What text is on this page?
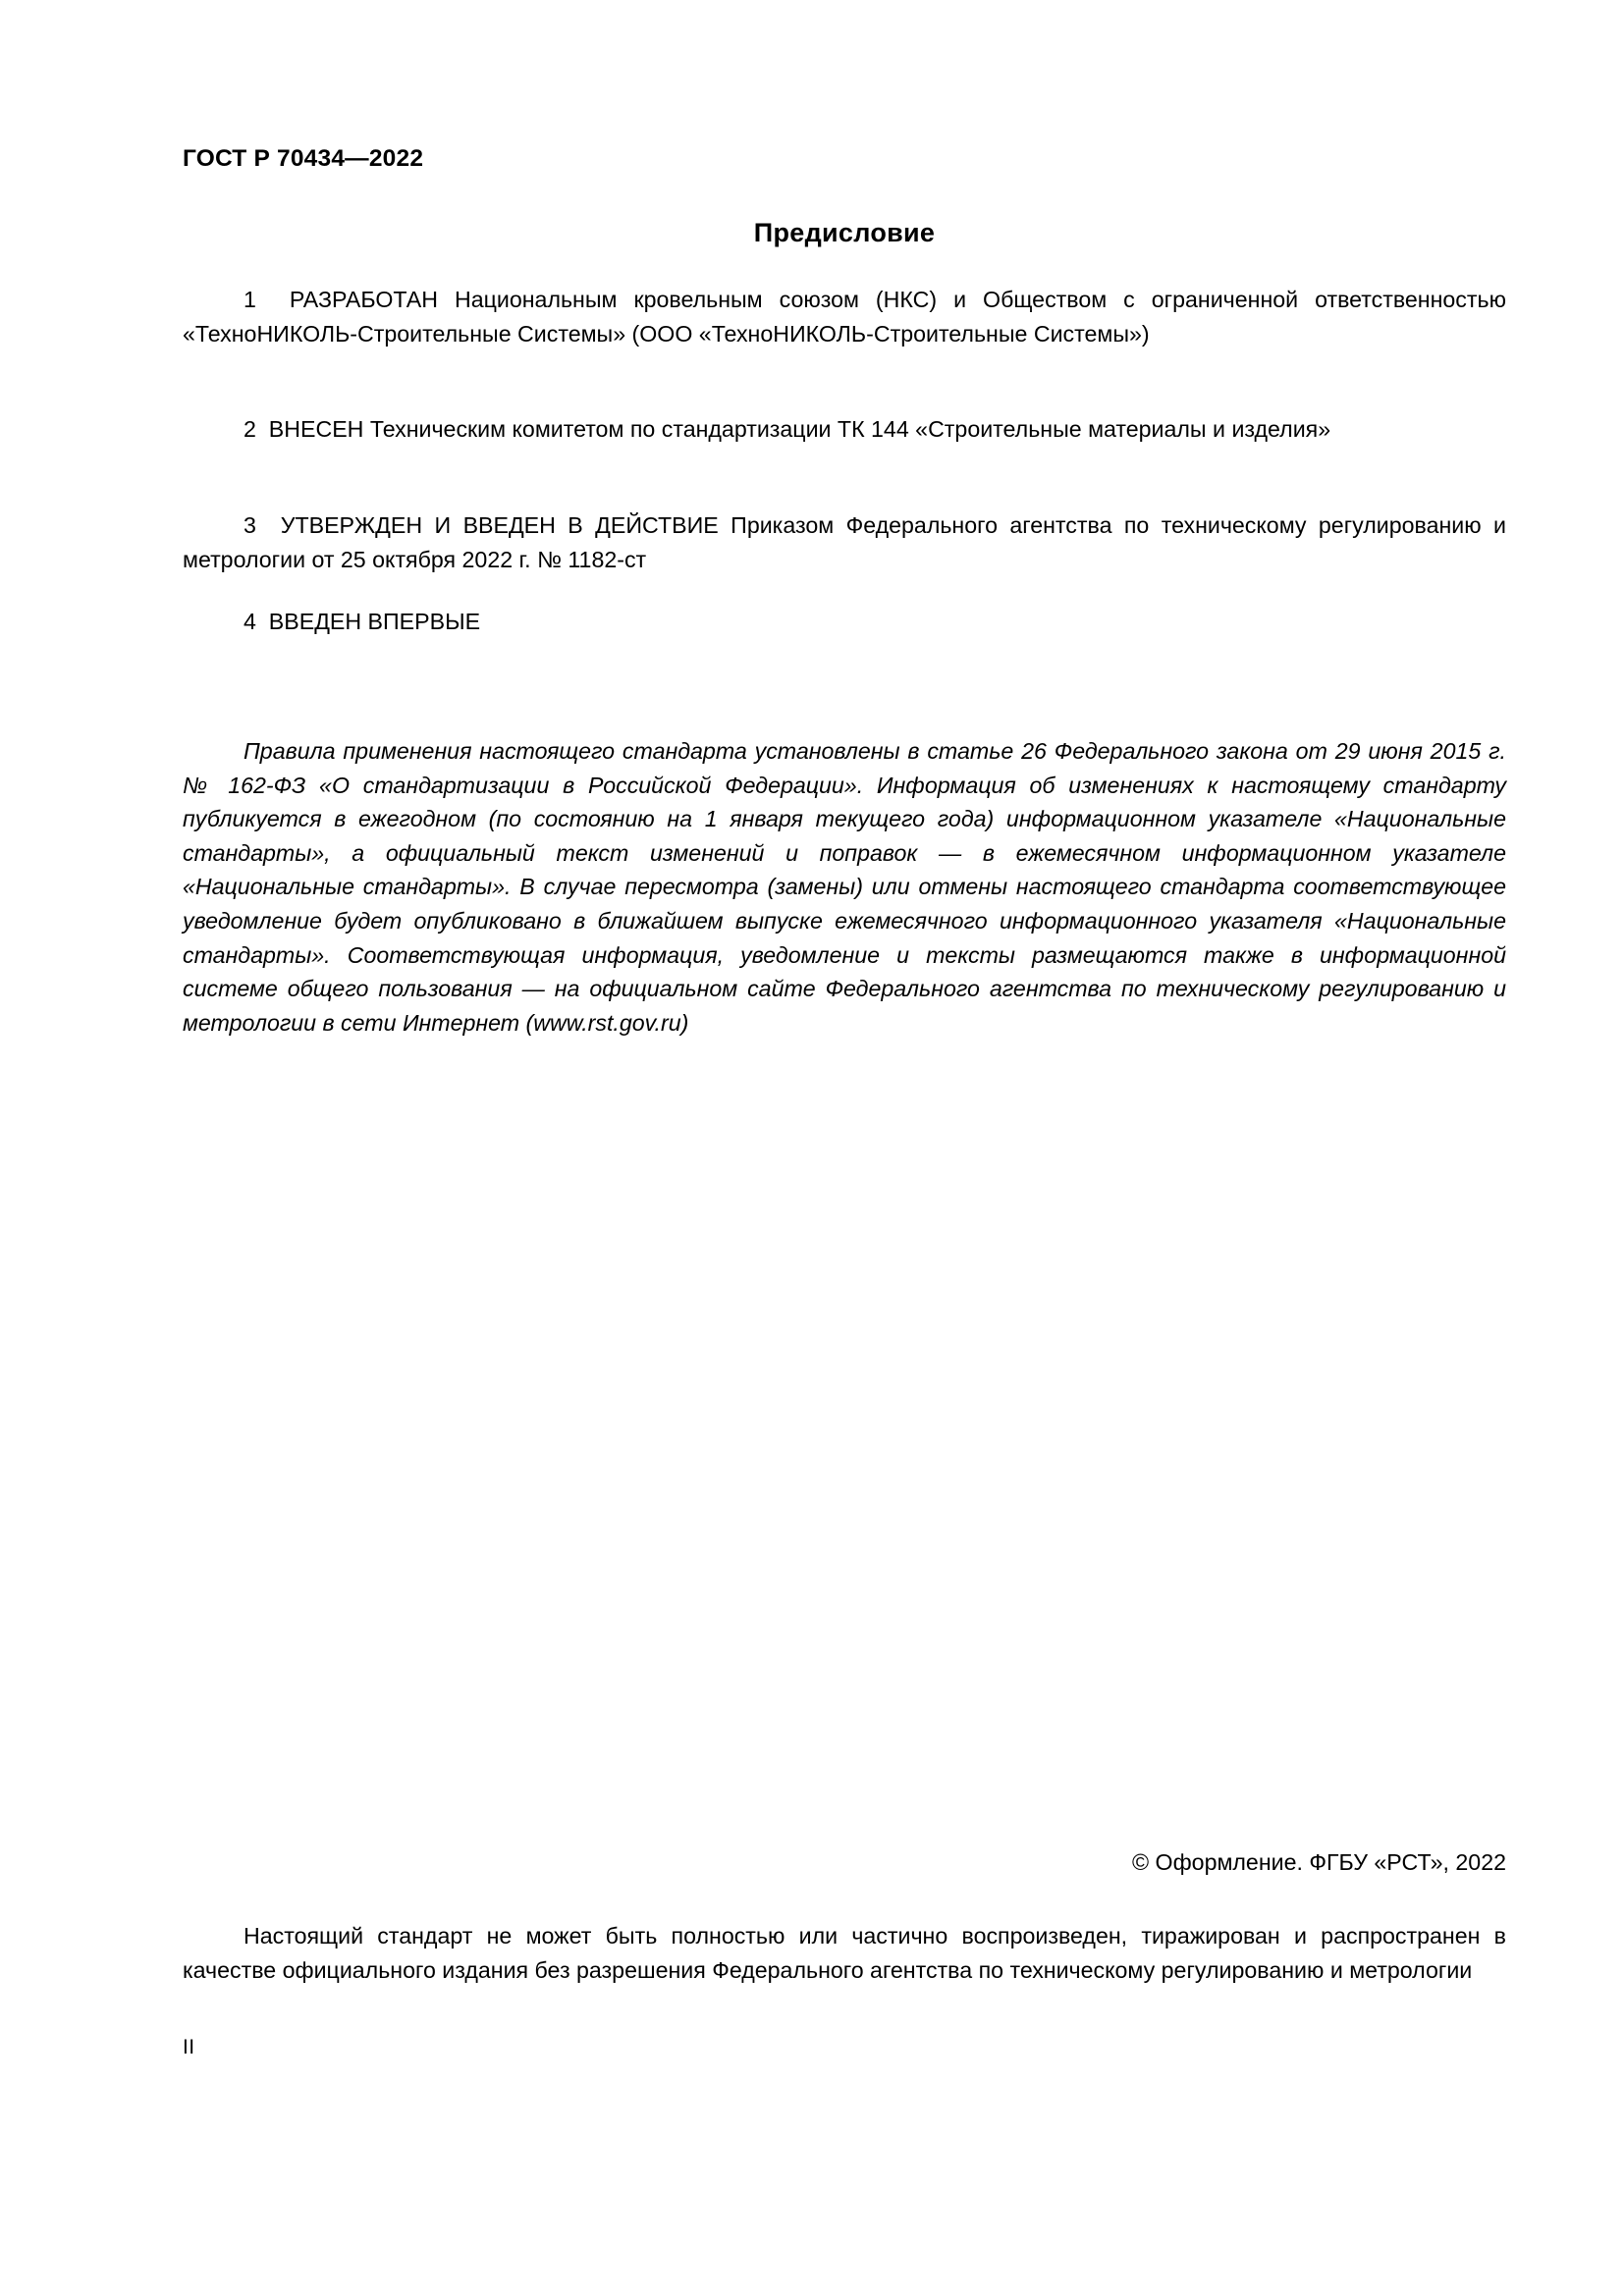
ГОСТ Р 70434—2022
Предисловие
1 РАЗРАБОТАН Национальным кровельным союзом (НКС) и Обществом с ограниченной ответственностью «ТехноНИКОЛЬ-Строительные Системы» (ООО «ТехноНИКОЛЬ-Строительные Системы»)
2 ВНЕСЕН Техническим комитетом по стандартизации ТК 144 «Строительные материалы и изделия»
3 УТВЕРЖДЕН И ВВЕДЕН В ДЕЙСТВИЕ Приказом Федерального агентства по техническому регулированию и метрологии от 25 октября 2022 г. № 1182-ст
4 ВВЕДЕН ВПЕРВЫЕ
Правила применения настоящего стандарта установлены в статье 26 Федерального закона от 29 июня 2015 г. № 162-ФЗ «О стандартизации в Российской Федерации». Информация об изменениях к настоящему стандарту публикуется в ежегодном (по состоянию на 1 января текущего года) информационном указателе «Национальные стандарты», а официальный текст изменений и поправок — в ежемесячном информационном указателе «Национальные стандарты». В случае пересмотра (замены) или отмены настоящего стандарта соответствующее уведомление будет опубликовано в ближайшем выпуске ежемесячного информационного указателя «Национальные стандарты». Соответствующая информация, уведомление и тексты размещаются также в информационной системе общего пользования — на официальном сайте Федерального агентства по техническому регулированию и метрологии в сети Интернет (www.rst.gov.ru)
© Оформление. ФГБУ «РСТ», 2022
Настоящий стандарт не может быть полностью или частично воспроизведен, тиражирован и распространен в качестве официального издания без разрешения Федерального агентства по техническому регулированию и метрологии
II
